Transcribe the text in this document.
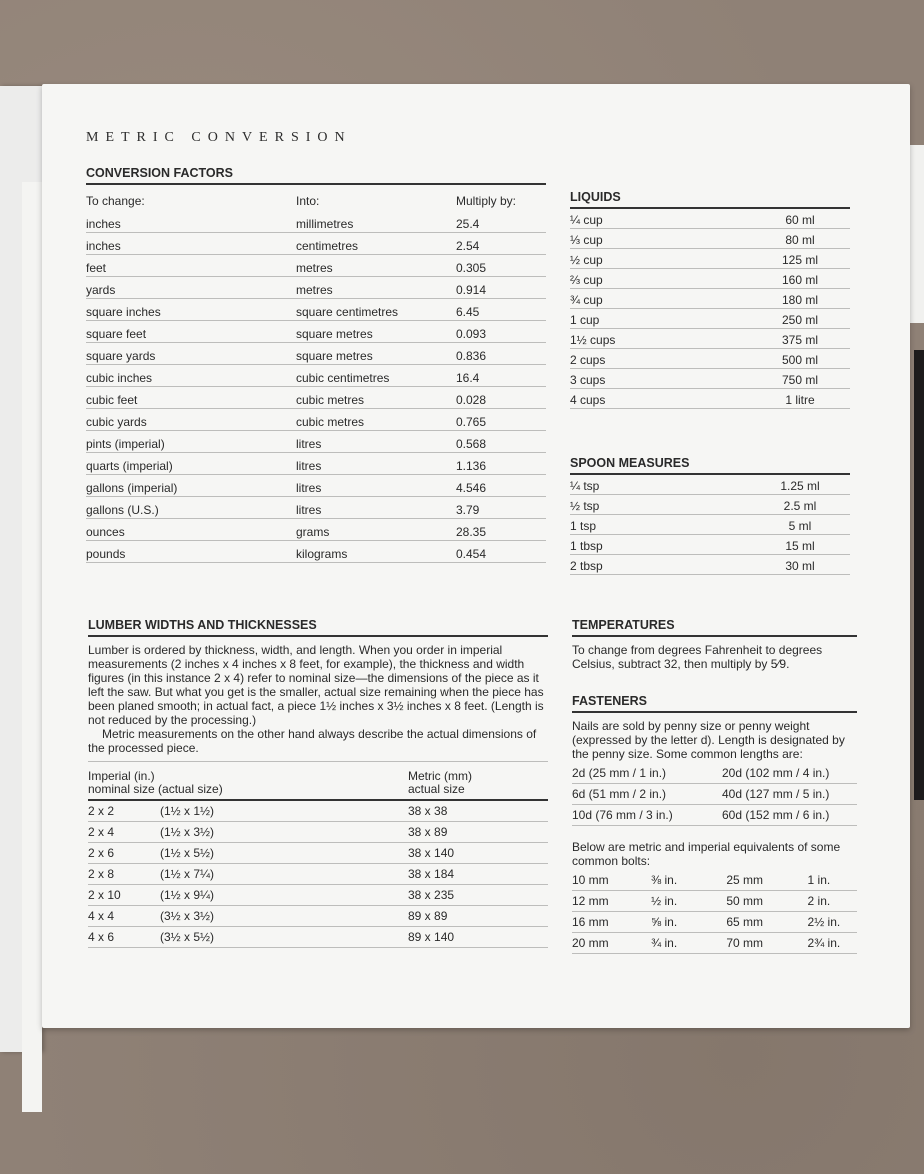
METRIC CONVERSION
CONVERSION FACTORS
To change:	Into:	Multiply by:
inches	millimetres	25.4
inches	centimetres	2.54
feet	metres	0.305
yards	metres	0.914
square inches	square centimetres	6.45
square feet	square metres	0.093
square yards	square metres	0.836
cubic inches	cubic centimetres	16.4
cubic feet	cubic metres	0.028
cubic yards	cubic metres	0.765
pints (imperial)	litres	0.568
quarts (imperial)	litres	1.136
gallons (imperial)	litres	4.546
gallons (U.S.)	litres	3.79
ounces	grams	28.35
pounds	kilograms	0.454
LIQUIDS
¼ cup	60 ml
⅓ cup	80 ml
½ cup	125 ml
⅔ cup	160 ml
¾ cup	180 ml
1 cup	250 ml
1½ cups	375 ml
2 cups	500 ml
3 cups	750 ml
4 cups	1 litre
SPOON MEASURES
¼ tsp	1.25 ml
½ tsp	2.5 ml
1 tsp	5 ml
1 tbsp	15 ml
2 tbsp	30 ml
LUMBER WIDTHS AND THICKNESSES
Lumber is ordered by thickness, width, and length. When you order in imperial measurements (2 inches x 4 inches x 8 feet, for example), the thickness and width figures (in this instance 2 x 4) refer to nominal size—the dimensions of the piece as it left the saw. But what you get is the smaller, actual size remaining when the piece has been planed smooth; in actual fact, a piece 1½ inches x 3½ inches x 8 feet. (Length is not reduced by the processing.)
Metric measurements on the other hand always describe the actual dimensions of the processed piece.
Imperial (in.)
nominal size (actual size)
Metric (mm)
actual size
2 x 2	(1½ x 1½)	38 x 38
2 x 4	(1½ x 3½)	38 x 89
2 x 6	(1½ x 5½)	38 x 140
2 x 8	(1½ x 7¼)	38 x 184
2 x 10	(1½ x 9¼)	38 x 235
4 x 4	(3½ x 3½)	89 x 89
4 x 6	(3½ x 5½)	89 x 140
TEMPERATURES
To change from degrees Fahrenheit to degrees Celsius, subtract 32, then multiply by 5⁄9.
FASTENERS
Nails are sold by penny size or penny weight (expressed by the letter d). Length is designated by the penny size. Some common lengths are:
2d (25 mm / 1 in.)	20d (102 mm / 4 in.)
6d (51 mm / 2 in.)	40d (127 mm / 5 in.)
10d (76 mm / 3 in.)	60d (152 mm / 6 in.)
Below are metric and imperial equivalents of some common bolts:
10 mm	⅜ in.	25 mm	1 in.
12 mm	½ in.	50 mm	2 in.
16 mm	⅝ in.	65 mm	2½ in.
20 mm	¾ in.	70 mm	2¾ in.
